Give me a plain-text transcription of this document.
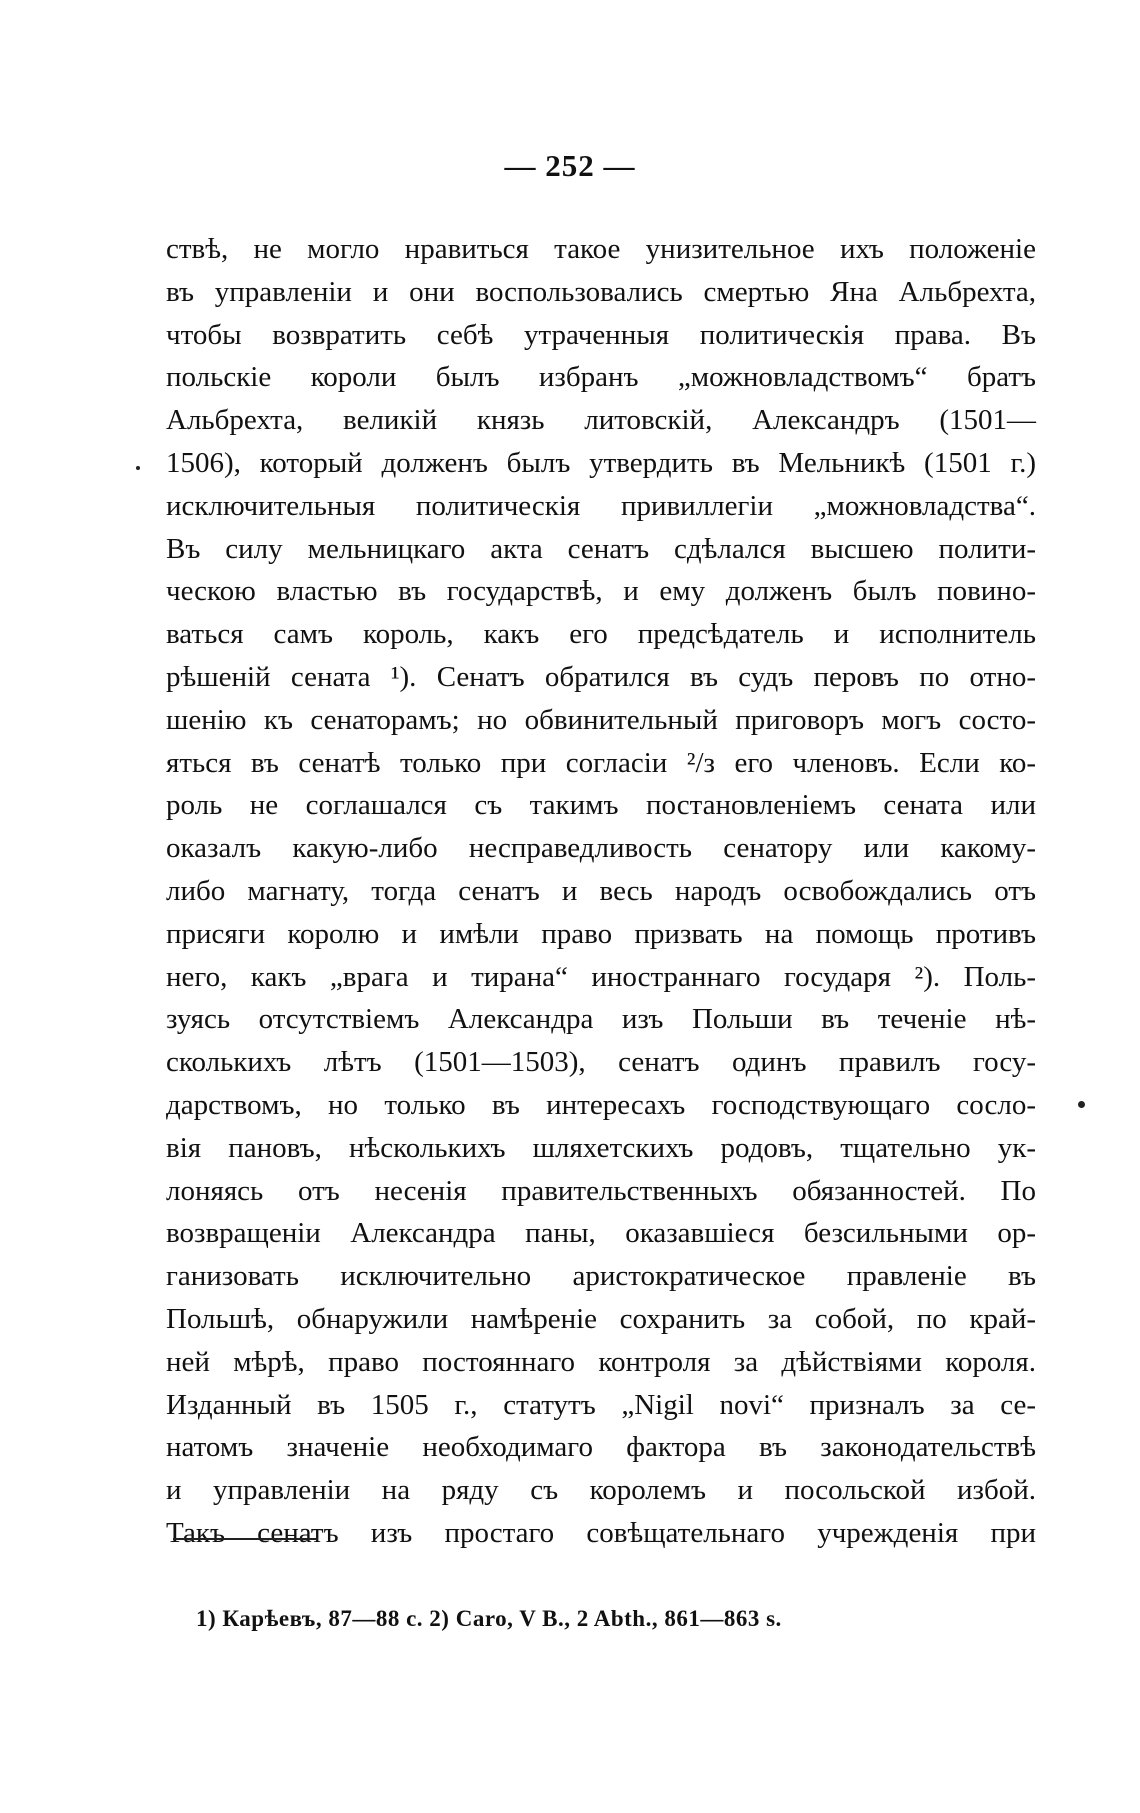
— 252 —
ствѣ, не могло нравиться такое унизительное ихъ положеніе
въ управленіи и они воспользовались смертью Яна Альбрехта,
чтобы возвратить себѣ утраченныя политическія права. Въ
польскіе короли былъ избранъ „можновладствомъ“ братъ
Альбрехта, великій князь литовскій, Александръ (1501—
1506), который долженъ былъ утвердить въ Мельникѣ (1501 г.)
исключительныя политическія привиллегіи „можновладства“.
Въ силу мельницкаго акта сенатъ сдѣлался высшею полити-
ческою властью въ государствѣ, и ему долженъ былъ повино-
ваться самъ король, какъ его предсѣдатель и исполнитель
рѣшеній сената ¹). Сенатъ обратился въ судъ перовъ по отно-
шенію къ сенаторамъ; но обвинительный приговоръ могъ состо-
яться въ сенатѣ только при согласіи ²/з его членовъ. Если ко-
роль не соглашался съ такимъ постановленіемъ сената или
оказалъ какую-либо несправедливость сенатору или какому-
либо магнату, тогда сенатъ и весь народъ освобождались отъ
присяги королю и имѣли право призвать на помощь противъ
него, какъ „врага и тирана“ иностраннаго государя ²). Поль-
зуясь отсутствіемъ Александра изъ Польши въ теченіе нѣ-
сколькихъ лѣтъ (1501—1503), сенатъ одинъ правилъ госу-
дарствомъ, но только въ интересахъ господствующаго сосло-
вія пановъ, нѣсколькихъ шляхетскихъ родовъ, тщательно ук-
лоняясь отъ несенія правительственныхъ обязанностей. По
возвращеніи Александра паны, оказавшіеся безсильными ор-
ганизовать исключительно аристократическое правленіе въ
Польшѣ, обнаружили намѣреніе сохранить за собой, по край-
ней мѣрѣ, право постояннаго контроля за дѣйствіями короля.
Изданный въ 1505 г., статутъ „Nigil novi“ призналъ за се-
натомъ значеніе необходимаго фактора въ законодательствѣ
и управленіи на ряду съ королемъ и посольской избой.
Такъ сенатъ изъ простаго совѣщательнаго учрежденія при
1) Карѣевъ, 87—88 с. 2) Caro, V B., 2 Abth., 861—863 s.
